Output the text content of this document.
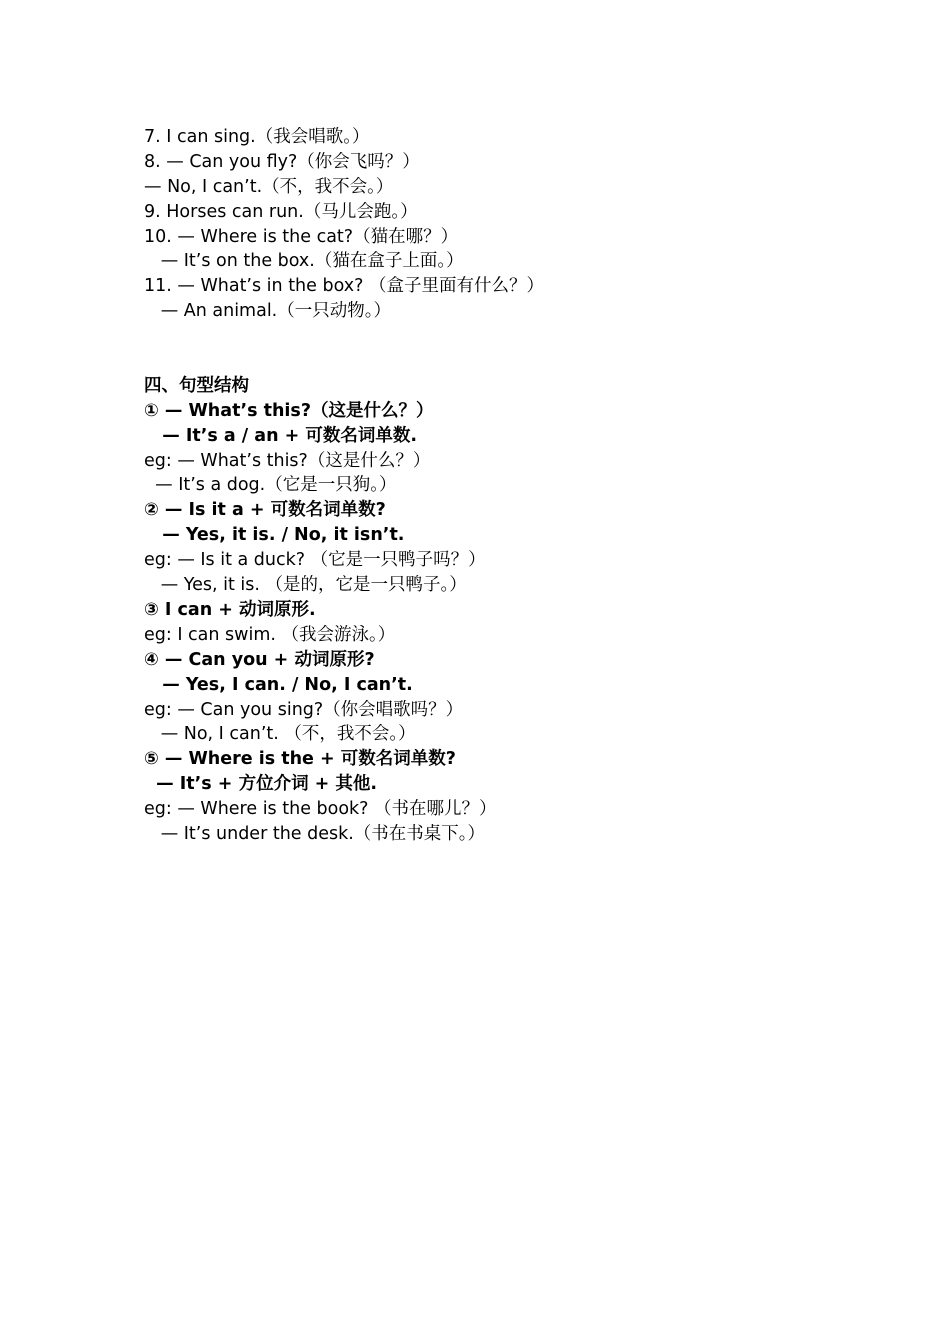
7. I can sing.（我会唱歌。）
8. — Can you fly?（你会飞吗？）
— No, I can’t.（不，我不会。）
9. Horses can run.（马儿会跑。）
10. — Where is the cat?（猫在哪？）
— It’s on the box.（猫在盒子上面。）
11. — What’s in the box? （盒子里面有什么？）
— An animal.（一只动物。）
四、句型结构
① — What’s this?（这是什么？）
— It’s a / an + 可数名词单数.
eg: — What’s this?（这是什么？）
— It’s a dog.（它是一只狗。）
② — Is it a + 可数名词单数?
— Yes, it is. / No, it isn’t.
eg: — Is it a duck? （它是一只鸭子吗？）
— Yes, it is. （是的，它是一只鸭子。）
③ I can + 动词原形.
eg: I can swim. （我会游泳。）
④ — Can you + 动词原形?
— Yes, I can. / No, I can’t.
eg: — Can you sing?（你会唱歌吗？）
— No, I can’t. （不，我不会。）
⑤ — Where is the + 可数名词单数?
— It’s + 方位介词 + 其他.
eg: — Where is the book? （书在哪儿？）
— It’s under the desk.（书在书桌下。）
